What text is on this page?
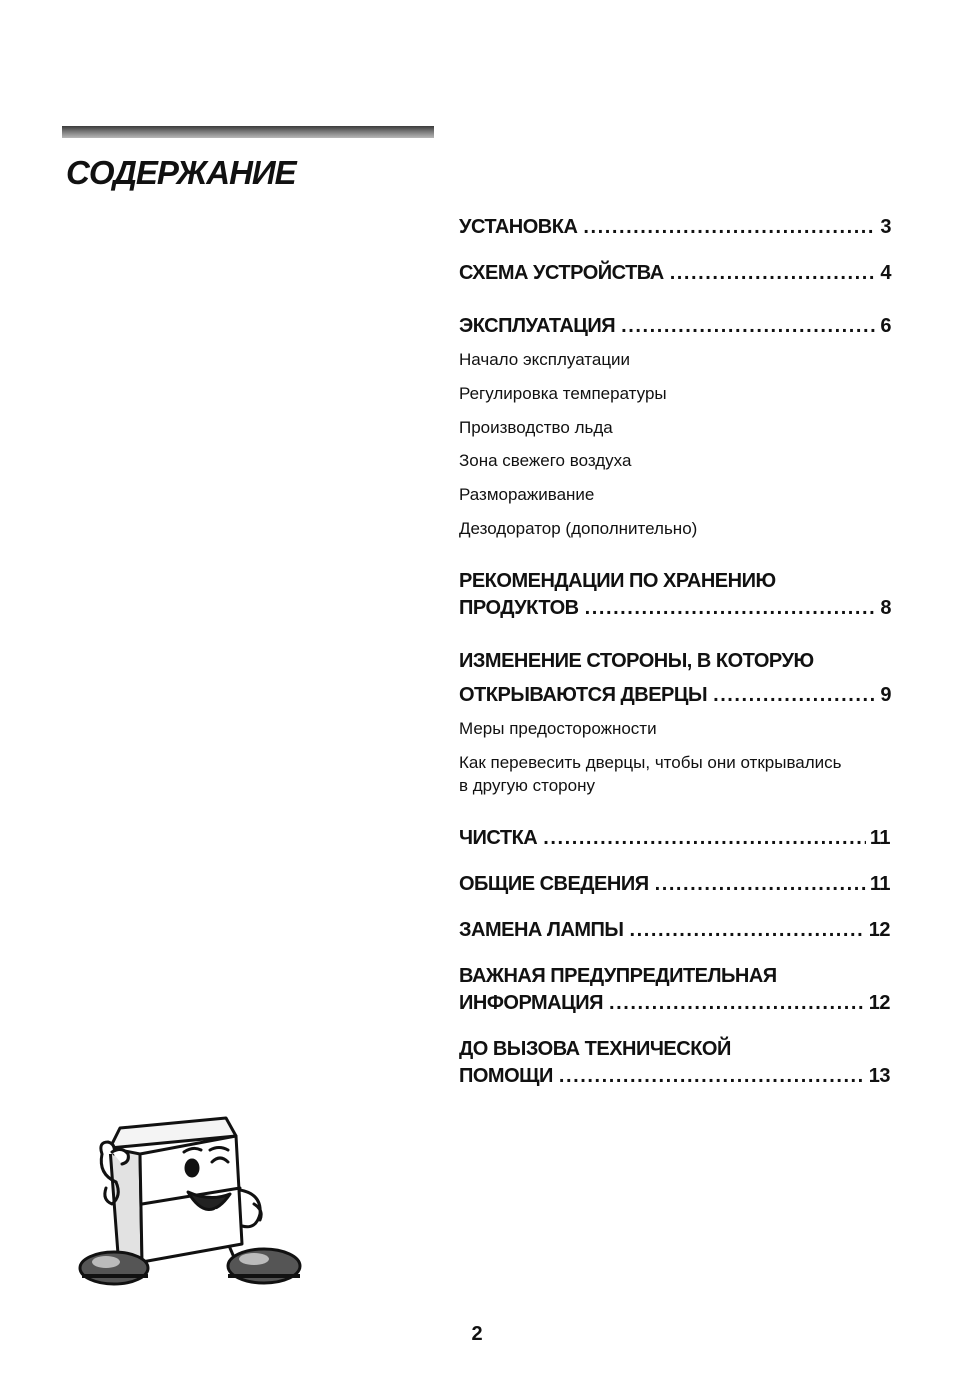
СОДЕРЖАНИЕ
УСТАНОВКА . . .	3
СХЕМА УСТРОЙСТВА . . .	4
ЭКСПЛУАТАЦИЯ . . .	6
Начало эксплуатации
Регулировка температуры
Производство льда
Зона свежего воздуха
Размораживание
Дезодоратор (дополнительно)
РЕКОМЕНДАЦИИ ПО ХРАНЕНИЮ
ПРОДУКТОВ . . .	8
ИЗМЕНЕНИЕ СТОРОНЫ, В КОТОРУЮ
ОТКРЫВАЮТСЯ ДВЕРЦЫ . . .	9
Меры предосторожности
Как перевесить дверцы, чтобы они открывались
в другую сторону
ЧИСТКА . . .	11
ОБЩИЕ СВЕДЕНИЯ . . .	11
ЗАМЕНА ЛАМПЫ . . .	12
ВАЖНАЯ ПРЕДУПРЕДИТЕЛЬНАЯ
ИНФОРМАЦИЯ . . .	12
ДО ВЫЗОВА ТЕХНИЧЕСКОЙ
ПОМОЩИ . . .	13
2
